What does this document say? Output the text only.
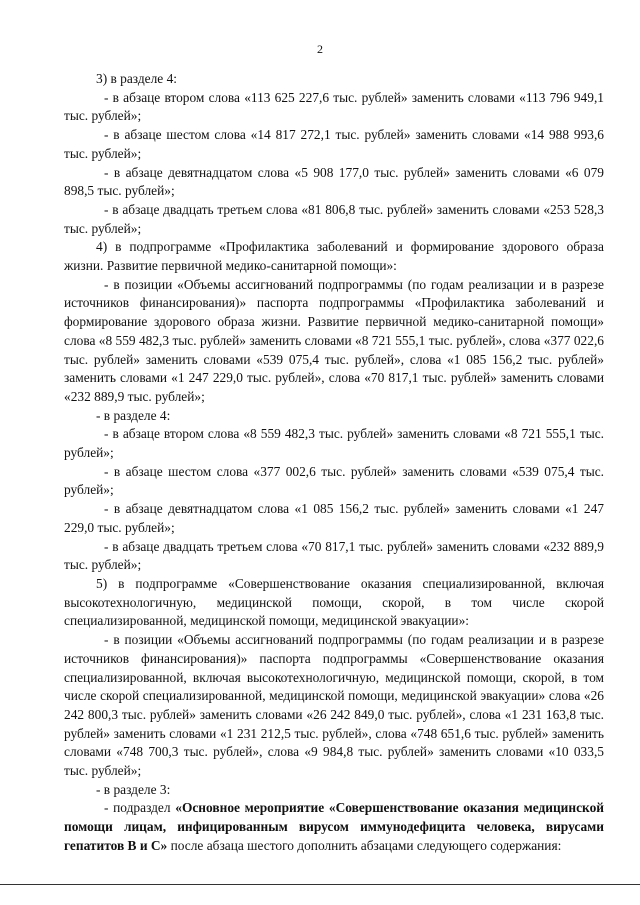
2

3) в разделе 4:

- в абзаце втором слова «113 625 227,6 тыс. рублей» заменить словами «113 796 949,1 тыс. рублей»;

- в абзаце шестом слова «14 817 272,1 тыс. рублей» заменить словами «14 988 993,6 тыс. рублей»;

- в абзаце девятнадцатом слова «5 908 177,0 тыс. рублей» заменить словами «6 079 898,5 тыс. рублей»;

- в абзаце двадцать третьем слова «81 806,8 тыс. рублей» заменить словами «253 528,3 тыс. рублей»;

4) в подпрограмме «Профилактика заболеваний и формирование здорового образа жизни. Развитие первичной медико-санитарной помощи»:

- в позиции «Объемы ассигнований подпрограммы (по годам реализации и в разрезе источников финансирования)» паспорта подпрограммы «Профилактика заболеваний и формирование здорового образа жизни. Развитие первичной медико-санитарной помощи» слова «8 559 482,3 тыс. рублей» заменить словами «8 721 555,1 тыс. рублей», слова «377 022,6 тыс. рублей» заменить словами «539 075,4 тыс. рублей», слова «1 085 156,2 тыс. рублей» заменить словами «1 247 229,0 тыс. рублей», слова «70 817,1 тыс. рублей» заменить словами «232 889,9 тыс. рублей»;

- в разделе 4:

- в абзаце втором слова «8 559 482,3 тыс. рублей» заменить словами «8 721 555,1 тыс. рублей»;

- в абзаце шестом слова «377 002,6 тыс. рублей» заменить словами «539 075,4 тыс. рублей»;

- в абзаце девятнадцатом слова «1 085 156,2 тыс. рублей» заменить словами «1 247 229,0 тыс. рублей»;

- в абзаце двадцать третьем слова «70 817,1 тыс. рублей» заменить словами «232 889,9 тыс. рублей»;

5) в подпрограмме «Совершенствование оказания специализированной, включая высокотехнологичную, медицинской помощи, скорой, в том числе скорой специализированной, медицинской помощи, медицинской эвакуации»:

- в позиции «Объемы ассигнований подпрограммы (по годам реализации и в разрезе источников финансирования)» паспорта подпрограммы «Совершенствование оказания специализированной, включая высокотехнологичную, медицинской помощи, скорой, в том числе скорой специализированной, медицинской помощи, медицинской эвакуации» слова «26 242 800,3 тыс. рублей» заменить словами «26 242 849,0 тыс. рублей», слова «1 231 163,8 тыс. рублей» заменить словами «1 231 212,5 тыс. рублей», слова «748 651,6 тыс. рублей» заменить словами «748 700,3 тыс. рублей», слова «9 984,8 тыс. рублей» заменить словами «10 033,5 тыс. рублей»;

- в разделе 3:

- подраздел «Основное мероприятие «Совершенствование оказания медицинской помощи лицам, инфицированным вирусом иммунодефицита человека, вирусами гепатитов В и С» после абзаца шестого дополнить абзацами следующего содержания:
